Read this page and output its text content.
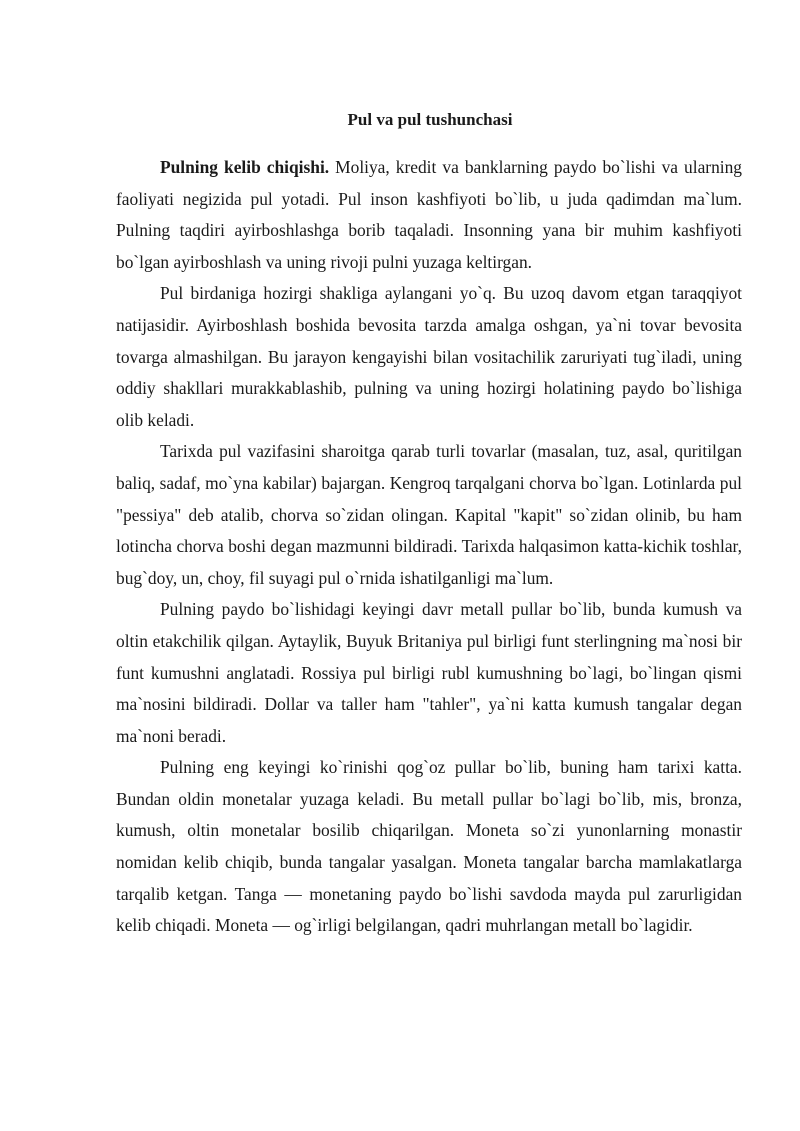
Pul va pul tushunchasi

Pulning kelib chiqishi. Moliya, kredit va banklarning paydo bo`lishi va ularning faoliyati negizida pul yotadi. Pul inson kashfiyoti bo`lib, u juda qadimdan ma`lum. Pulning taqdiri ayirboshlashga borib taqaladi. Insonning yana bir muhim kashfiyoti bo`lgan ayirboshlash va uning rivoji pulni yuzaga keltirgan.

Pul birdaniga hozirgi shakliga aylangani yo`q. Bu uzoq davom etgan taraqqiyot natijasidir. Ayirboshlash boshida bevosita tarzda amalga oshgan, ya`ni tovar bevosita tovarga almashilgan. Bu jarayon kengayishi bilan vositachilik zaruriyati tug`iladi, uning oddiy shakllari murakkablashib, pulning va uning hozirgi holatining paydo bo`lishiga olib keladi.

Tarixda pul vazifasini sharoitga qarab turli tovarlar (masalan, tuz, asal, quritilgan baliq, sadaf, mo`yna kabilar) bajargan. Kengroq tarqalgani chorva bo`lgan. Lotinlarda pul "pessiya" deb atalib, chorva so`zidan olingan. Kapital "kapit" so`zidan olinib, bu ham lotincha chorva boshi degan mazmunni bildiradi. Tarixda halqasimon katta-kichik toshlar, bug`doy, un, choy, fil suyagi pul o`rnida ishatilganligi ma`lum.

Pulning paydo bo`lishidagi keyingi davr metall pullar bo`lib, bunda kumush va oltin etakchilik qilgan. Aytaylik, Buyuk Britaniya pul birligi funt sterlingning ma`nosi bir funt kumushni anglatadi. Rossiya pul birligi rubl kumushning bo`lagi, bo`lingan qismi ma`nosini bildiradi. Dollar va taller ham "tahler", ya`ni katta kumush tangalar degan ma`noni beradi.

Pulning eng keyingi ko`rinishi qog`oz pullar bo`lib, buning ham tarixi katta. Bundan oldin monetalar yuzaga keladi. Bu metall pullar bo`lagi bo`lib, mis, bronza, kumush, oltin monetalar bosilib chiqarilgan. Moneta so`zi yunonlarning monastir nomidan kelib chiqib, bunda tangalar yasalgan. Moneta tangalar barcha mamlakatlarga tarqalib ketgan. Tanga — monetaning paydo bo`lishi savdoda mayda pul zarurligidan kelib chiqadi. Moneta — og`irligi belgilangan, qadri muhrlangan metall bo`lagidir.
